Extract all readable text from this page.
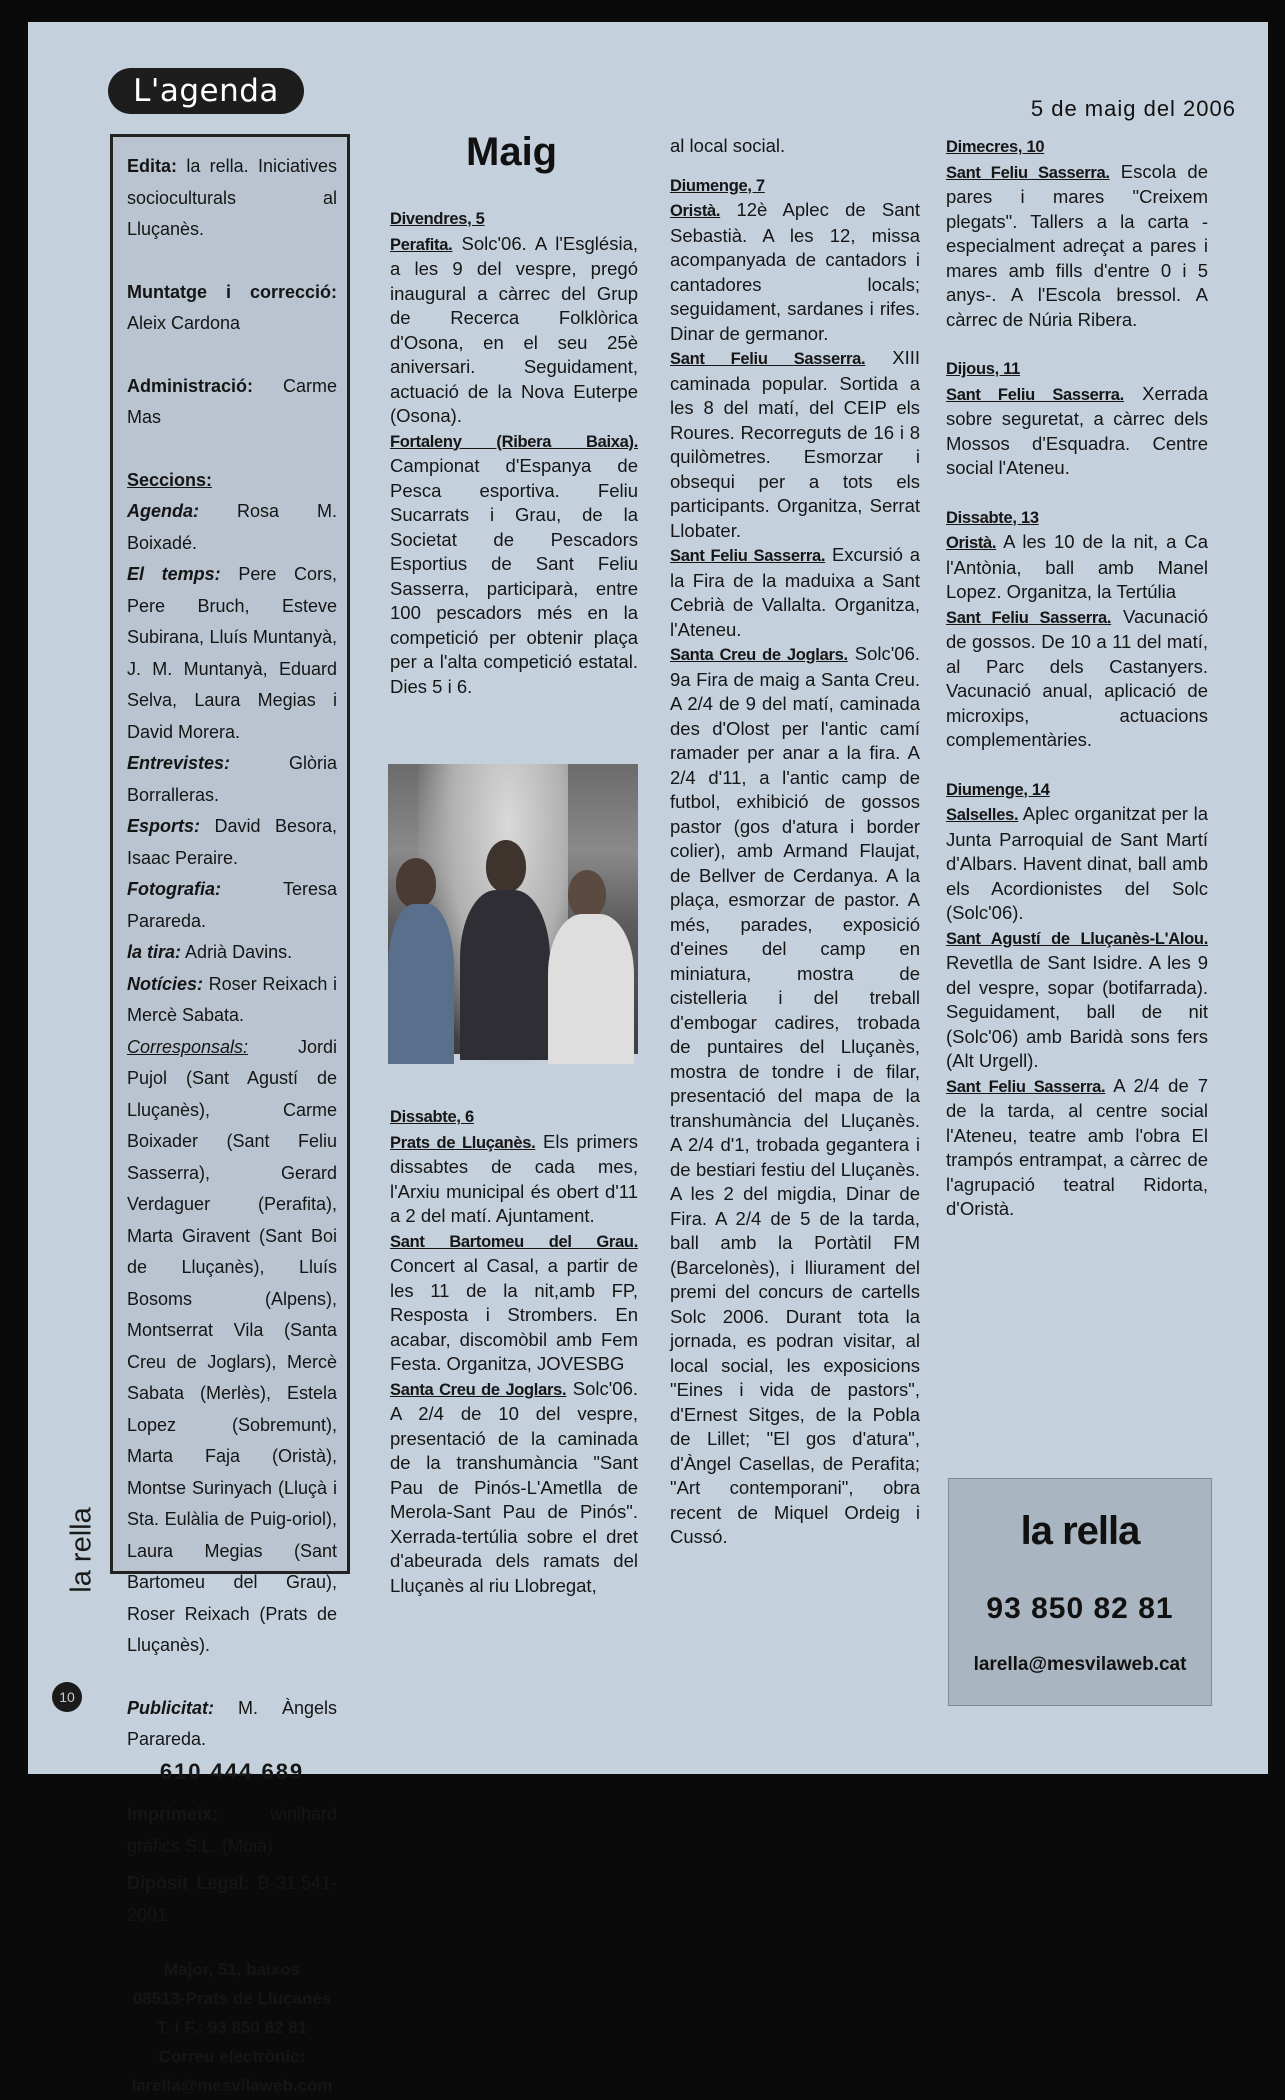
L'agenda	5 de maig del 2006

Edita: la rella. Iniciatives socioculturals al Lluçanès.

Muntatge i correcció: Aleix Cardona

Administració: Carme Mas

Seccions:

Agenda: Rosa M. Boixadé.

El temps: Pere Cors, Pere Bruch, Esteve Subirana, Lluís Muntanyà, J. M. Muntanyà, Eduard Selva, Laura Megias i David Morera.

Entrevistes:	Glòria Borralleras.

Esports: David Besora, Isaac Peraire.

Fotografia:	Teresa Parareda.

la tira: Adrià Davins.

Notícies: Roser Reixach i Mercè Sabata.

Corresponsals:	Jordi Pujol (Sant Agustí de Lluçanès), Carme Boixader (Sant Feliu Sasserra), Gerard Verdaguer (Perafita), Marta Giravent (Sant Boi de Lluçanès), Lluís Bosoms (Alpens), Montserrat Vila (Santa Creu de Joglars), Mercè Sabata (Merlès), Estela Lopez (Sobremunt), Marta Faja (Oristà), Montse Surinyach (Lluçà i Sta. Eulàlia de Puig-oriol), Laura Megias (Sant Bartomeu del Grau), Roser Reixach (Prats de Lluçanès).

Publicitat: M. Àngels Parareda.

610 444 689

Imprimeix:	winihard gràfics S.L. (Moià)

Dipòsit Legal: B-31.541-2001

Major, 51, baixos

08513-Prats de Lluçanès

T. i F.: 93 850 82 81

Correu electrònic:

larella@mesvilaweb.com

la rella
10
Maig

Divendres, 5

Perafita. Solc'06. A l'Església, a les 9 del vespre, pregó inaugural a càrrec del Grup de Recerca Folklòrica d'Osona, en el seu 25è aniversari. Seguidament, actuació de la Nova Euterpe (Osona).

Fortaleny (Ribera Baixa). Campionat d'Espanya de Pesca esportiva. Feliu Sucarrats i Grau, de la Societat de Pescadors Esportius de Sant Feliu Sasserra, participarà, entre 100 pescadors més en la competició per obtenir plaça per a l'alta competició estatal. Dies 5 i 6.

Dissabte, 6

Prats de Lluçanès. Els primers dissabtes de cada mes, l'Arxiu municipal és obert d'11 a 2 del matí. Ajuntament.

Sant Bartomeu del Grau. Concert al Casal, a partir de les 11 de la nit,amb FP, Resposta i Strombers. En acabar, discomòbil amb Fem Festa. Organitza, JOVESBG

Santa Creu de Joglars. Solc'06. A 2/4 de 10 del vespre, presentació de la caminada de la transhumància "Sant Pau de Pinós-L'Ametlla de Merola-Sant Pau de Pinós". Xerrada-tertúlia sobre el dret d'abeurada dels ramats del Lluçanès al riu Llobregat,

al local social.

Diumenge, 7

Oristà. 12è Aplec de Sant Sebastià. A les 12, missa acompanyada de cantadors i cantadores locals; seguidament, sardanes i rifes. Dinar de germanor.

Sant Feliu Sasserra. XIII caminada popular. Sortida a les 8 del matí, del CEIP els Roures. Recorreguts de 16 i 8 quilòmetres. Esmorzar i obsequi per a tots els participants. Organitza, Serrat Llobater.

Sant Feliu Sasserra. Excursió a la Fira de la maduixa a Sant Cebrià de Vallalta. Organitza, l'Ateneu.

Santa Creu de Joglars. Solc'06. 9a Fira de maig a Santa Creu. A 2/4 de 9 del matí, caminada des d'Olost per l'antic camí ramader per anar a la fira. A 2/4 d'11, a l'antic camp de futbol, exhibició de gossos pastor (gos d'atura i border colier), amb Armand Flaujat, de Bellver de Cerdanya. A la plaça, esmorzar de pastor. A més, parades, exposició d'eines del camp en miniatura, mostra de cistelleria i del treball d'embogar cadires, trobada de puntaires del Lluçanès, mostra de tondre i de filar, presentació del mapa de la transhumància del Lluçanès. A 2/4 d'1, trobada gegantera i de bestiari festiu del Lluçanès. A les 2 del migdia, Dinar de Fira. A 2/4 de 5 de la tarda, ball amb la Portàtil FM (Barcelonès), i lliurament del premi del concurs de cartells Solc 2006. Durant tota la jornada, es podran visitar, al local social, les exposicions "Eines i vida de pastors", d'Ernest Sitges, de la Pobla de Lillet; "El gos d'atura", d'Àngel Casellas, de Perafita; "Art contemporani", obra recent de Miquel Ordeig i Cussó.

Dimecres, 10

Sant Feliu Sasserra. Escola de pares i mares "Creixem plegats". Tallers a la carta - especialment adreçat a pares i mares amb fills d'entre 0 i 5 anys-. A l'Escola bressol. A càrrec de Núria Ribera.

Dijous, 11

Sant Feliu Sasserra. Xerrada sobre seguretat, a càrrec dels Mossos d'Esquadra. Centre social l'Ateneu.

Dissabte, 13

Oristà. A les 10 de la nit, a Ca l'Antònia, ball amb Manel Lopez. Organitza, la Tertúlia

Sant Feliu Sasserra. Vacunació de gossos. De 10 a 11 del matí, al Parc dels Castanyers. Vacunació anual, aplicació de microxips, actuacions complementàries.

Diumenge, 14

Salselles. Aplec organitzat per la Junta Parroquial de Sant Martí d'Albars. Havent dinat, ball amb els Acordionistes del Solc (Solc'06).

Sant Agustí de Lluçanès-L'Alou. Revetlla de Sant Isidre. A les 9 del vespre, sopar (botifarrada). Seguidament, ball de nit (Solc'06) amb Baridà sons fers (Alt Urgell).

Sant Feliu Sasserra. A 2/4 de 7 de la tarda, al centre social l'Ateneu, teatre amb l'obra El trampós entrampat, a càrrec de l'agrupació teatral Ridorta, d'Oristà.

la rella
93 850 82 81
larella@mesvilaweb.cat
